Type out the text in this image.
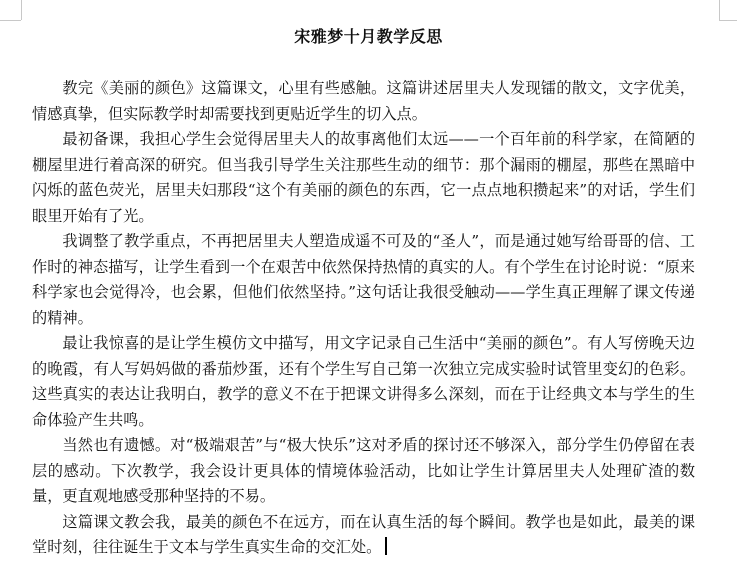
宋雅梦十月教学反思

教完《美丽的颜色》这篇课文，心里有些感触。这篇讲述居里夫人发现镭的散文，文字优美，情感真挚，但实际教学时却需要找到更贴近学生的切入点。

最初备课，我担心学生会觉得居里夫人的故事离他们太远——一个百年前的科学家，在简陋的棚屋里进行着高深的研究。但当我引导学生关注那些生动的细节：那个漏雨的棚屋，那些在黑暗中闪烁的蓝色荧光，居里夫妇那段“这个有美丽的颜色的东西，它一点点地积攒起来”的对话，学生们眼里开始有了光。

我调整了教学重点，不再把居里夫人塑造成遥不可及的“圣人”，而是通过她写给哥哥的信、工作时的神态描写，让学生看到一个在艰苦中依然保持热情的真实的人。有个学生在讨论时说：“原来科学家也会觉得冷，也会累，但他们依然坚持。”这句话让我很受触动——学生真正理解了课文传递的精神。

最让我惊喜的是让学生模仿文中描写，用文字记录自己生活中“美丽的颜色”。有人写傍晚天边的晚霞，有人写妈妈做的番茄炒蛋，还有个学生写自己第一次独立完成实验时试管里变幻的色彩。这些真实的表达让我明白，教学的意义不在于把课文讲得多么深刻，而在于让经典文本与学生的生命体验产生共鸣。

当然也有遗憾。对“极端艰苦”与“极大快乐”这对矛盾的探讨还不够深入，部分学生仍停留在表层的感动。下次教学，我会设计更具体的情境体验活动，比如让学生计算居里夫人处理矿渣的数量，更直观地感受那种坚持的不易。

这篇课文教会我，最美的颜色不在远方，而在认真生活的每个瞬间。教学也是如此，最美的课堂时刻，往往诞生于文本与学生真实生命的交汇处。
